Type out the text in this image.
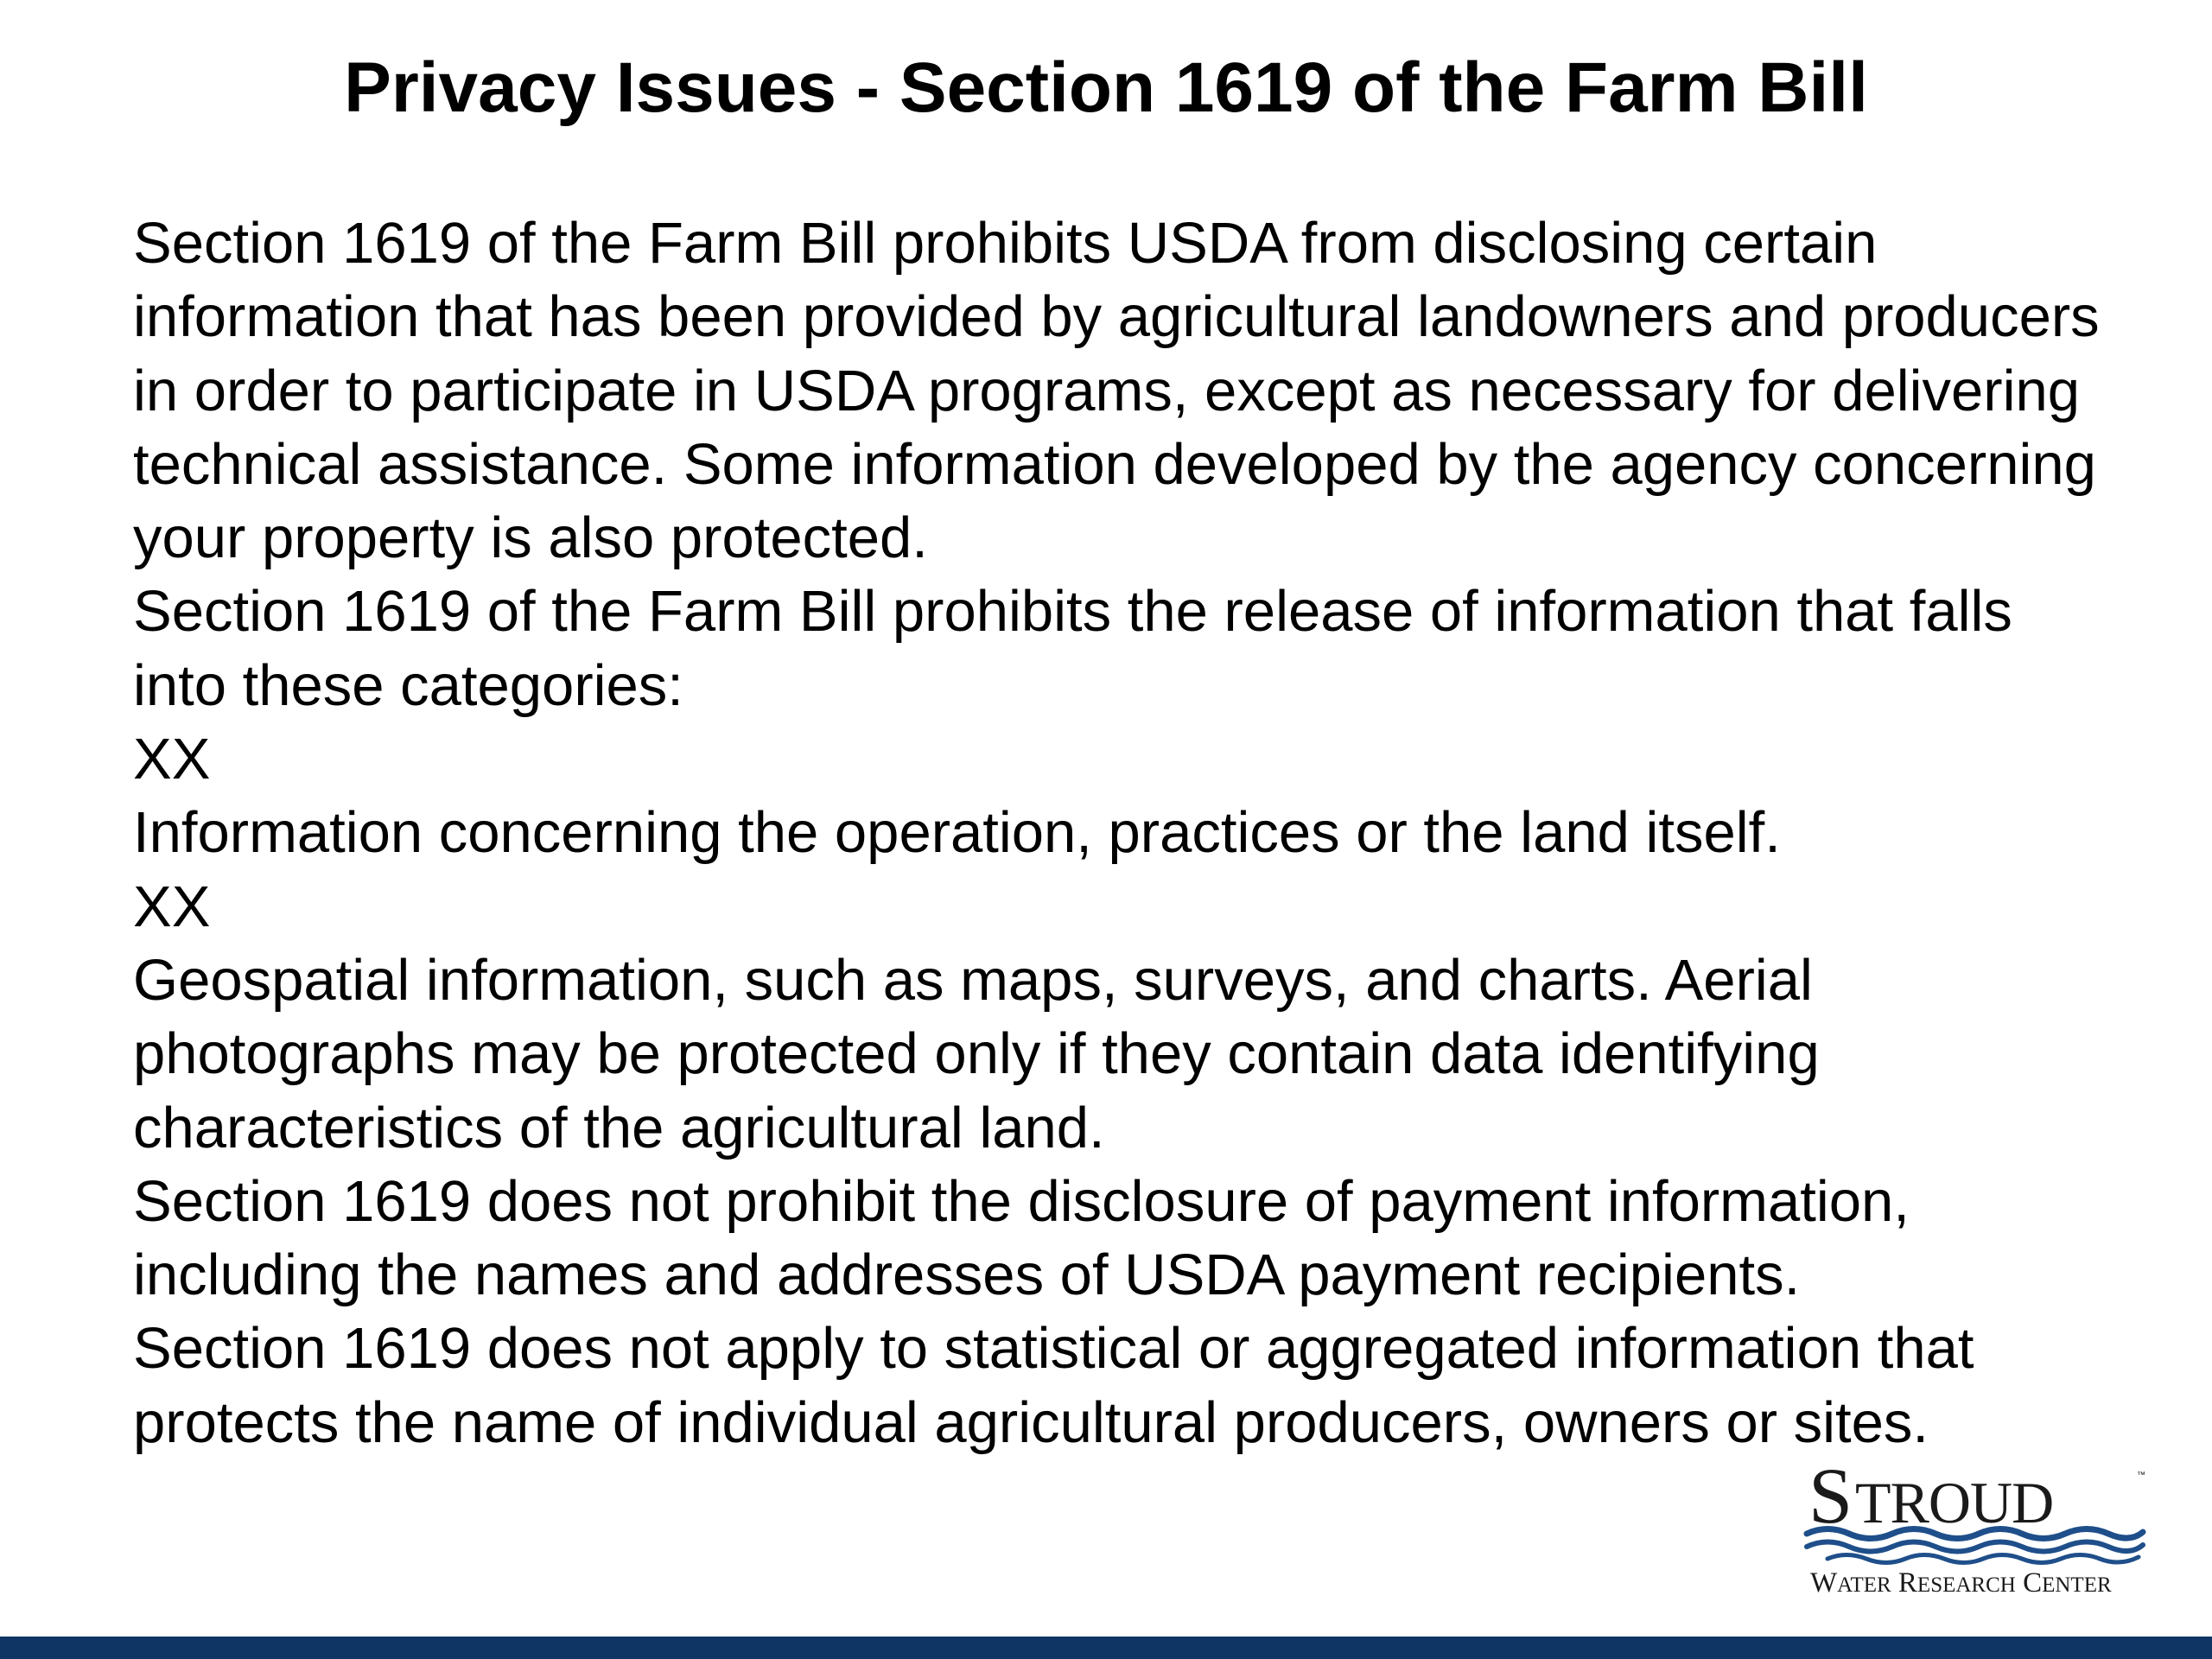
Privacy Issues - Section 1619 of the Farm Bill

Section 1619 of the Farm Bill prohibits USDA from disclosing certain information that has been provided by agricultural landowners and producers in order to participate in USDA programs, except as necessary for delivering technical assistance. Some information developed by the agency concerning your property is also protected.

Section 1619 of the Farm Bill prohibits the release of information that falls into these categories:

XX

Information concerning the operation, practices or the land itself.

XX

Geospatial information, such as maps, surveys, and charts. Aerial photographs may be protected only if they contain data identifying characteristics of the agricultural land.

Section 1619 does not prohibit the disclosure of payment information, including the names and addresses of USDA payment recipients.

Section 1619 does not apply to statistical or aggregated information that protects the name of individual agricultural producers, owners or sites.

S TROUD	™
WATER RESEARCH CENTER
